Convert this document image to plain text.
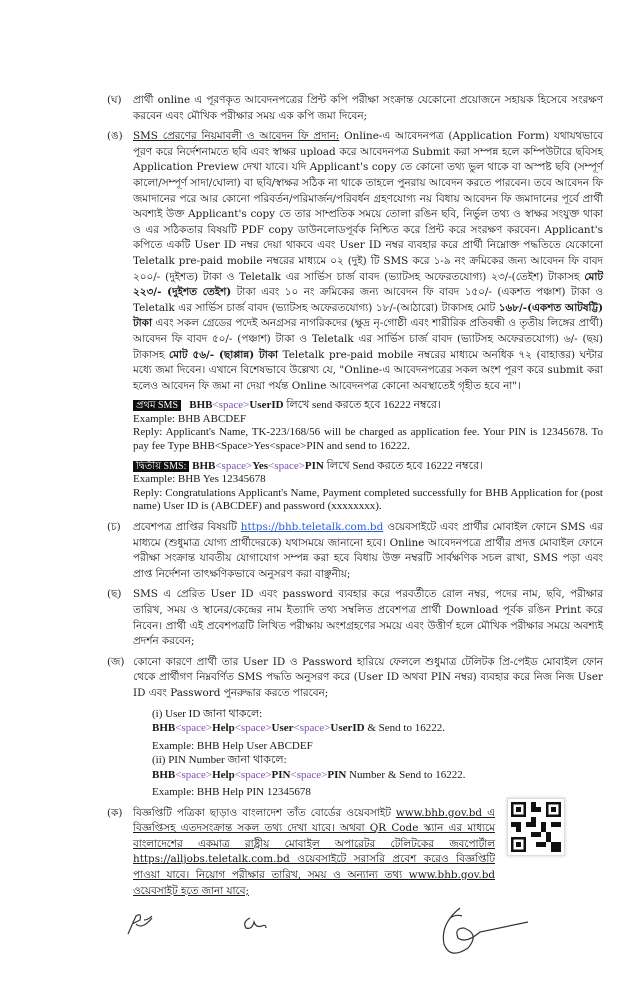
(ঘ)	প্রার্থী online এ পূরণকৃত আবেদনপত্রের প্রিন্ট কপি পরীক্ষা সংক্রান্ত যেকোনো প্রয়োজনে সহায়ক হিসেবে সংরক্ষণ করবেন এবং মৌখিক পরীক্ষার সময় এক কপি জমা দিবেন;
(ঙ) SMS প্রেরণের নিয়মাবলী ও আবেদন ফি প্রদান: Online-এ আবেদনপত্র (Application Form) যথাযথভাবে পূরণ করে নির্দেশনামতে ছবি এবং স্বাক্ষর upload করে আবেদনপত্র Submit করা সম্পন্ন হলে কম্পিউটারে ছবিসহ Application Preview দেখা যাবে। যদি Applicant's copy তে কোনো তথ্য ভুল থাকে বা অস্পষ্ট ছবি (সম্পূর্ণ কালো/সম্পূর্ণ সাদা/ঘোলা) বা ছবি/স্বাক্ষর সঠিক না থাকে তাহলে পুনরায় আবেদন করতে পারবেন। তবে আবেদন ফি জমাদানের পরে আর কোনো পরিবর্তন/পরিমার্জন/পরিবর্ধন গ্রহণযোগ্য নয় বিধায় আবেদন ফি জমাদানের পূর্বে প্রার্থী অবশ্যই উক্ত Applicant's copy তে তার সাম্প্রতিক সময়ে তোলা রঙিন ছবি, নির্ভুল তথ্য ও স্বাক্ষর সংযুক্ত থাকা ও এর সঠিকতার বিষয়টি PDF copy ডাউনলোডপূর্বক নিশ্চিত করে প্রিন্ট করে সংরক্ষণ করবেন। Applicant's কপিতে একটি User ID নম্বর দেয়া থাকবে এবং User ID নম্বর ব্যবহার করে প্রার্থী নিম্নোক্ত পদ্ধতিতে যেকোনো Teletalk pre-paid mobile নম্বরের মাধ্যমে ০২ (দুই) টি SMS করে ১-৯ নং ক্রমিকের জন্য আবেদন ফি বাবদ ২০০/- (দুইশত) টাকা ও Teletalk এর সার্ভিস চার্জ বাবদ (ভ্যাটসহ অফেরতযোগ্য) ২৩/-(তেইশ) টাকাসহ মোট ২২৩/- (দুইশত তেইশ) টাকা এবং ১০ নং ক্রমিকের জন্য আবেদন ফি বাবদ ১৫০/- (একশত পঞ্চাশ) টাকা ও Teletalk এর সার্ভিস চার্জ বাবদ (ভ্যাটসহ অফেরতযোগ্য) ১৮/-(আঠারো) টাকাসহ মোট ১৬৮/-(একশত আটষট্টি) টাকা এবং সকল গ্রেডের পদেই অনগ্রসর নাগরিকদের (ক্ষুদ্র নৃ-গোষ্ঠী এবং শারীরিক প্রতিবন্ধী ও তৃতীয় লিঙ্গের প্রার্থী) আবেদন ফি বাবদ ৫০/- (পঞ্চাশ) টাকা ও Teletalk এর সার্ভিস চার্জ বাবদ (ভ্যাটসহ অফেরতযোগ্য) ৬/- (ছয়) টাকাসহ মোট ৫৬/- (ছাপ্পান্ন) টাকা Teletalk pre-paid mobile নম্বরের মাধ্যমে অনধিক ৭২ (বাহাত্তর) ঘন্টার মধ্যে জমা দিবেন। এখানে বিশেষভাবে উল্লেখ্য যে, "Online-এ আবেদনপত্রের সকল অংশ পূরণ করে submit করা হলেও আবেদন ফি জমা না দেয়া পর্যন্ত Online আবেদনপত্র কোনো অবস্থাতেই গৃহীত হবে না"।
প্রথম SMS BHB<space>UserID লিখে send করতে হবে 16222 নম্বরে।
Example: BHB ABCDEF
Reply: Applicant's Name, TK-223/168/56 will be charged as application fee. Your PIN is 12345678. To pay fee Type BHB<Space>Yes<space>PIN and send to 16222.
দ্বিতীয় SMS: BHB<space>Yes<space>PIN লিখে Send করতে হবে 16222 নম্বরে।
Example: BHB Yes 12345678
Reply: Congratulations Applicant's Name, Payment completed successfully for BHB Application for (post name) User ID is (ABCDEF) and password (xxxxxxxx).
(চ)	প্রবেশপত্র প্রাপ্তির বিষয়টি https://bhb.teletalk.com.bd ওয়েবসাইটে এবং প্রার্থীর মোবাইল ফোনে SMS এর মাধ্যমে (শুধুমাত্র যোগ্য প্রার্থীদেরকে) যথাসময়ে জানানো হবে। Online আবেদনপত্রে প্রার্থীর প্রদত্ত মোবাইল ফোনে পরীক্ষা সংক্রান্ত যাবতীয় যোগাযোগ সম্পন্ন করা হবে বিধায় উক্ত নম্বরটি সার্বক্ষণিক সচল রাখা, SMS পড়া এবং প্রাপ্ত নির্দেশনা তাৎক্ষণিকভাবে অনুসরণ করা বাঞ্ছনীয়;
(ছ)	SMS এ প্রেরিত User ID এবং password ব্যবহার করে পরবর্তীতে রোল নম্বর, পদের নাম, ছবি, পরীক্ষার তারিখ, সময় ও স্থানের/কেন্দ্রের নাম ইত্যাদি তথ্য সম্বলিত প্রবেশপত্র প্রার্থী Download পূর্বক রঙিন Print করে নিবেন। প্রার্থী এই প্রবেশপত্রটি লিখিত পরীক্ষায় অংশগ্রহণের সময়ে এবং উত্তীর্ণ হলে মৌখিক পরীক্ষার সময়ে অবশ্যই প্রদর্শন করবেন;
(জ) কোনো কারণে প্রার্থী তার User ID ও Password হারিয়ে ফেললে শুধুমাত্র টেলিটক প্রি-পেইড মোবাইল ফোন থেকে প্রার্থীগণ নিম্নবর্ণিত SMS পদ্ধতি অনুসরণ করে (User ID অথবা PIN নম্বর) ব্যবহার করে নিজ নিজ User ID এবং Password পুনরুদ্ধার করতে পারবেন;
(i) User ID জানা থাকলে:
BHB<space>Help<space>User<space>UserID & Send to 16222.
Example: BHB Help User ABCDEF
(ii) PIN Number জানা থাকলে:
BHB<space>Help<space>PIN<space>PIN Number & Send to 16222.
Example: BHB Help PIN 12345678
(ক)	বিজ্ঞপ্তিটি পত্রিকা ছাড়াও বাংলাদেশ তাঁত বোর্ডের ওয়েবসাইট www.bhb.gov.bd এ বিজ্ঞপ্তিসহ এতদসংক্রান্ত সকল তথ্য দেখা যাবে। অথবা QR Code স্ক্যান এর মাধ্যমে বাংলাদেশের একমাত্র রাষ্ট্রীয় মোবাইল অপারেটর টেলিটকের জবপোর্টাল https://alljobs.teletalk.com.bd ওয়েবসাইটে সরাসরি প্রবেশ করেও বিজ্ঞপ্তিটি পাওয়া যাবে। নিয়োগ পরীক্ষার তারিখ, সময় ও অন্যান্য তথ্য www.bhb.gov.bd ওয়েবসাইট হতে জানা যাবে;
